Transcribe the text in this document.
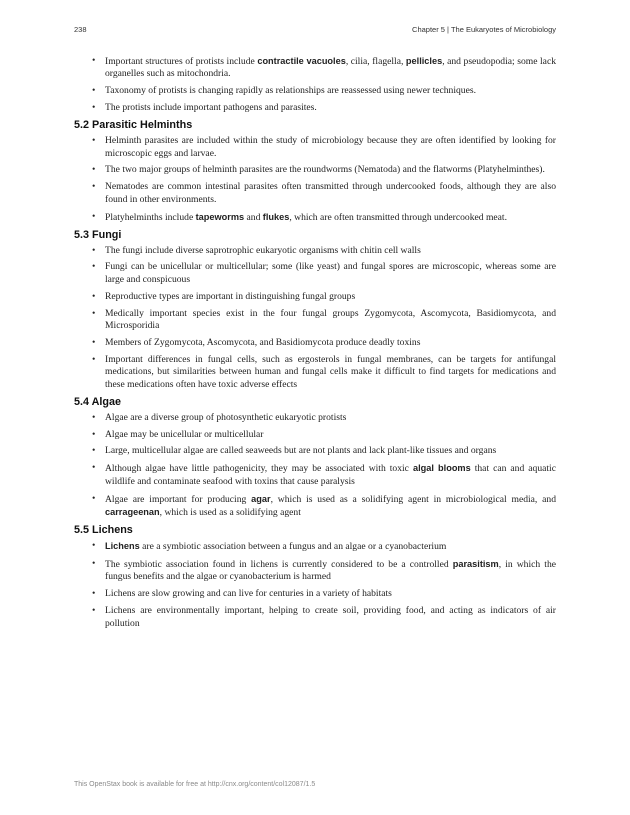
238	Chapter 5 | The Eukaryotes of Microbiology
• Important structures of protists include contractile vacuoles, cilia, flagella, pellicles, and pseudopodia; some lack organelles such as mitochondria.
• Taxonomy of protists is changing rapidly as relationships are reassessed using newer techniques.
• The protists include important pathogens and parasites.
5.2 Parasitic Helminths
• Helminth parasites are included within the study of microbiology because they are often identified by looking for microscopic eggs and larvae.
• The two major groups of helminth parasites are the roundworms (Nematoda) and the flatworms (Platyhelminthes).
• Nematodes are common intestinal parasites often transmitted through undercooked foods, although they are also found in other environments.
• Platyhelminths include tapeworms and flukes, which are often transmitted through undercooked meat.
5.3 Fungi
• The fungi include diverse saprotrophic eukaryotic organisms with chitin cell walls
• Fungi can be unicellular or multicellular; some (like yeast) and fungal spores are microscopic, whereas some are large and conspicuous
• Reproductive types are important in distinguishing fungal groups
• Medically important species exist in the four fungal groups Zygomycota, Ascomycota, Basidiomycota, and Microsporidia
• Members of Zygomycota, Ascomycota, and Basidiomycota produce deadly toxins
• Important differences in fungal cells, such as ergosterols in fungal membranes, can be targets for antifungal medications, but similarities between human and fungal cells make it difficult to find targets for medications and these medications often have toxic adverse effects
5.4 Algae
• Algae are a diverse group of photosynthetic eukaryotic protists
• Algae may be unicellular or multicellular
• Large, multicellular algae are called seaweeds but are not plants and lack plant-like tissues and organs
• Although algae have little pathogenicity, they may be associated with toxic algal blooms that can and aquatic wildlife and contaminate seafood with toxins that cause paralysis
• Algae are important for producing agar, which is used as a solidifying agent in microbiological media, and carrageenan, which is used as a solidifying agent
5.5 Lichens
• Lichens are a symbiotic association between a fungus and an algae or a cyanobacterium
• The symbiotic association found in lichens is currently considered to be a controlled parasitism, in which the fungus benefits and the algae or cyanobacterium is harmed
• Lichens are slow growing and can live for centuries in a variety of habitats
• Lichens are environmentally important, helping to create soil, providing food, and acting as indicators of air pollution
This OpenStax book is available for free at http://cnx.org/content/col12087/1.5
